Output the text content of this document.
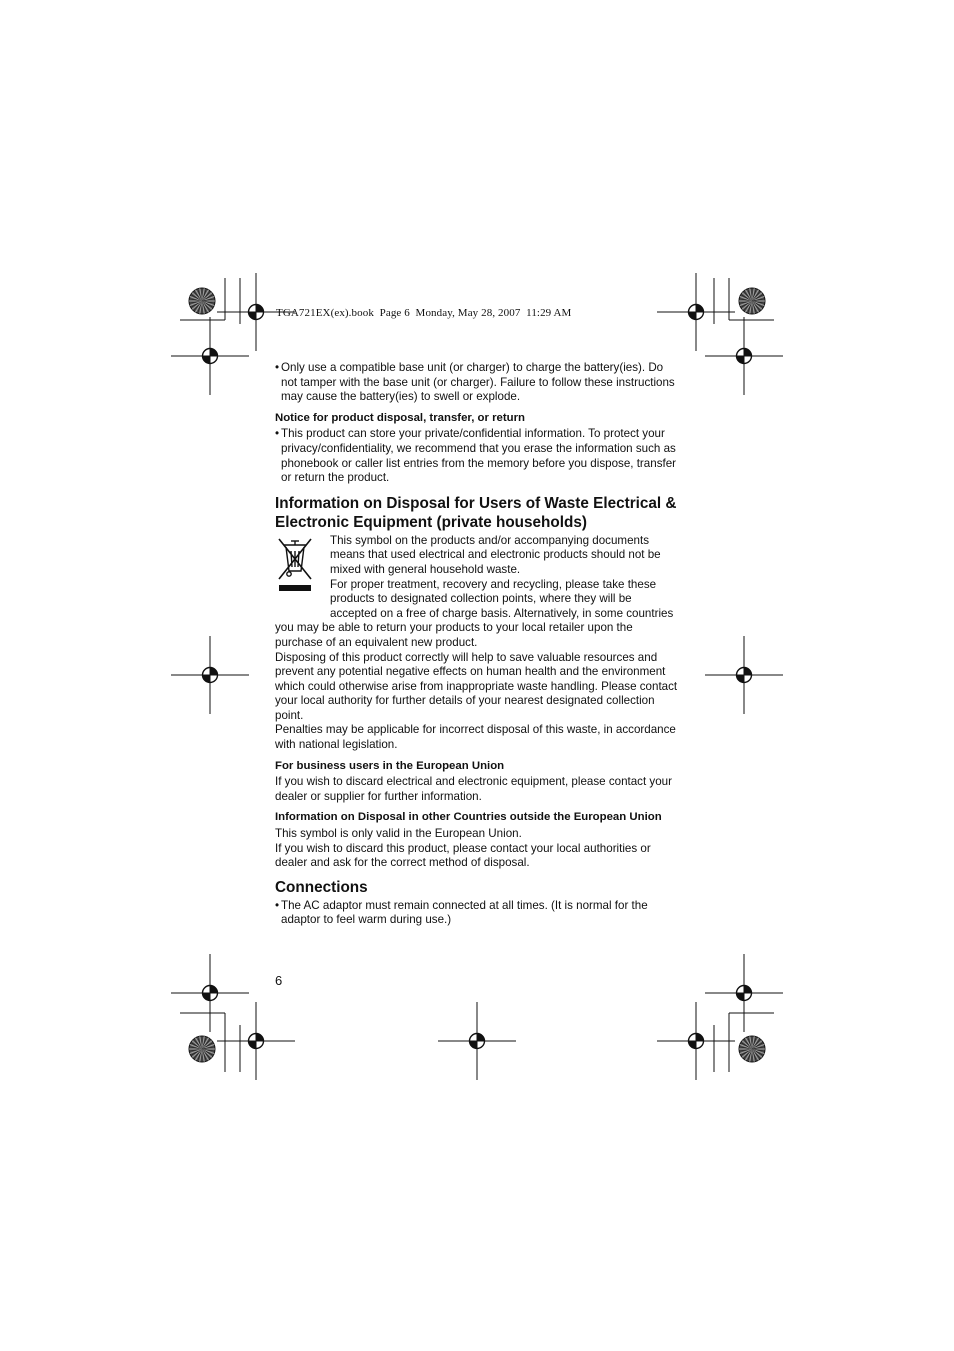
TGA721EX(ex).book  Page 6  Monday, May 28, 2007  11:29 AM

• Only use a compatible base unit (or charger) to charge the battery(ies). Do not tamper with the base unit (or charger). Failure to follow these instructions may cause the battery(ies) to swell or explode.

Notice for product disposal, transfer, or return

• This product can store your private/confidential information. To protect your privacy/confidentiality, we recommend that you erase the information such as phonebook or caller list entries from the memory before you dispose, transfer or return the product.

Information on Disposal for Users of Waste Electrical & Electronic Equipment (private households)

This symbol on the products and/or accompanying documents means that used electrical and electronic products should not be mixed with general household waste.

For proper treatment, recovery and recycling, please take these products to designated collection points, where they will be accepted on a free of charge basis. Alternatively, in some countries you may be able to return your products to your local retailer upon the purchase of an equivalent new product.

Disposing of this product correctly will help to save valuable resources and prevent any potential negative effects on human health and the environment which could otherwise arise from inappropriate waste handling. Please contact your local authority for further details of your nearest designated collection point.

Penalties may be applicable for incorrect disposal of this waste, in accordance with national legislation.

For business users in the European Union

If you wish to discard electrical and electronic equipment, please contact your dealer or supplier for further information.

Information on Disposal in other Countries outside the European Union

This symbol is only valid in the European Union.

If you wish to discard this product, please contact your local authorities or dealer and ask for the correct method of disposal.

Connections

• The AC adaptor must remain connected at all times. (It is normal for the adaptor to feel warm during use.)

6
